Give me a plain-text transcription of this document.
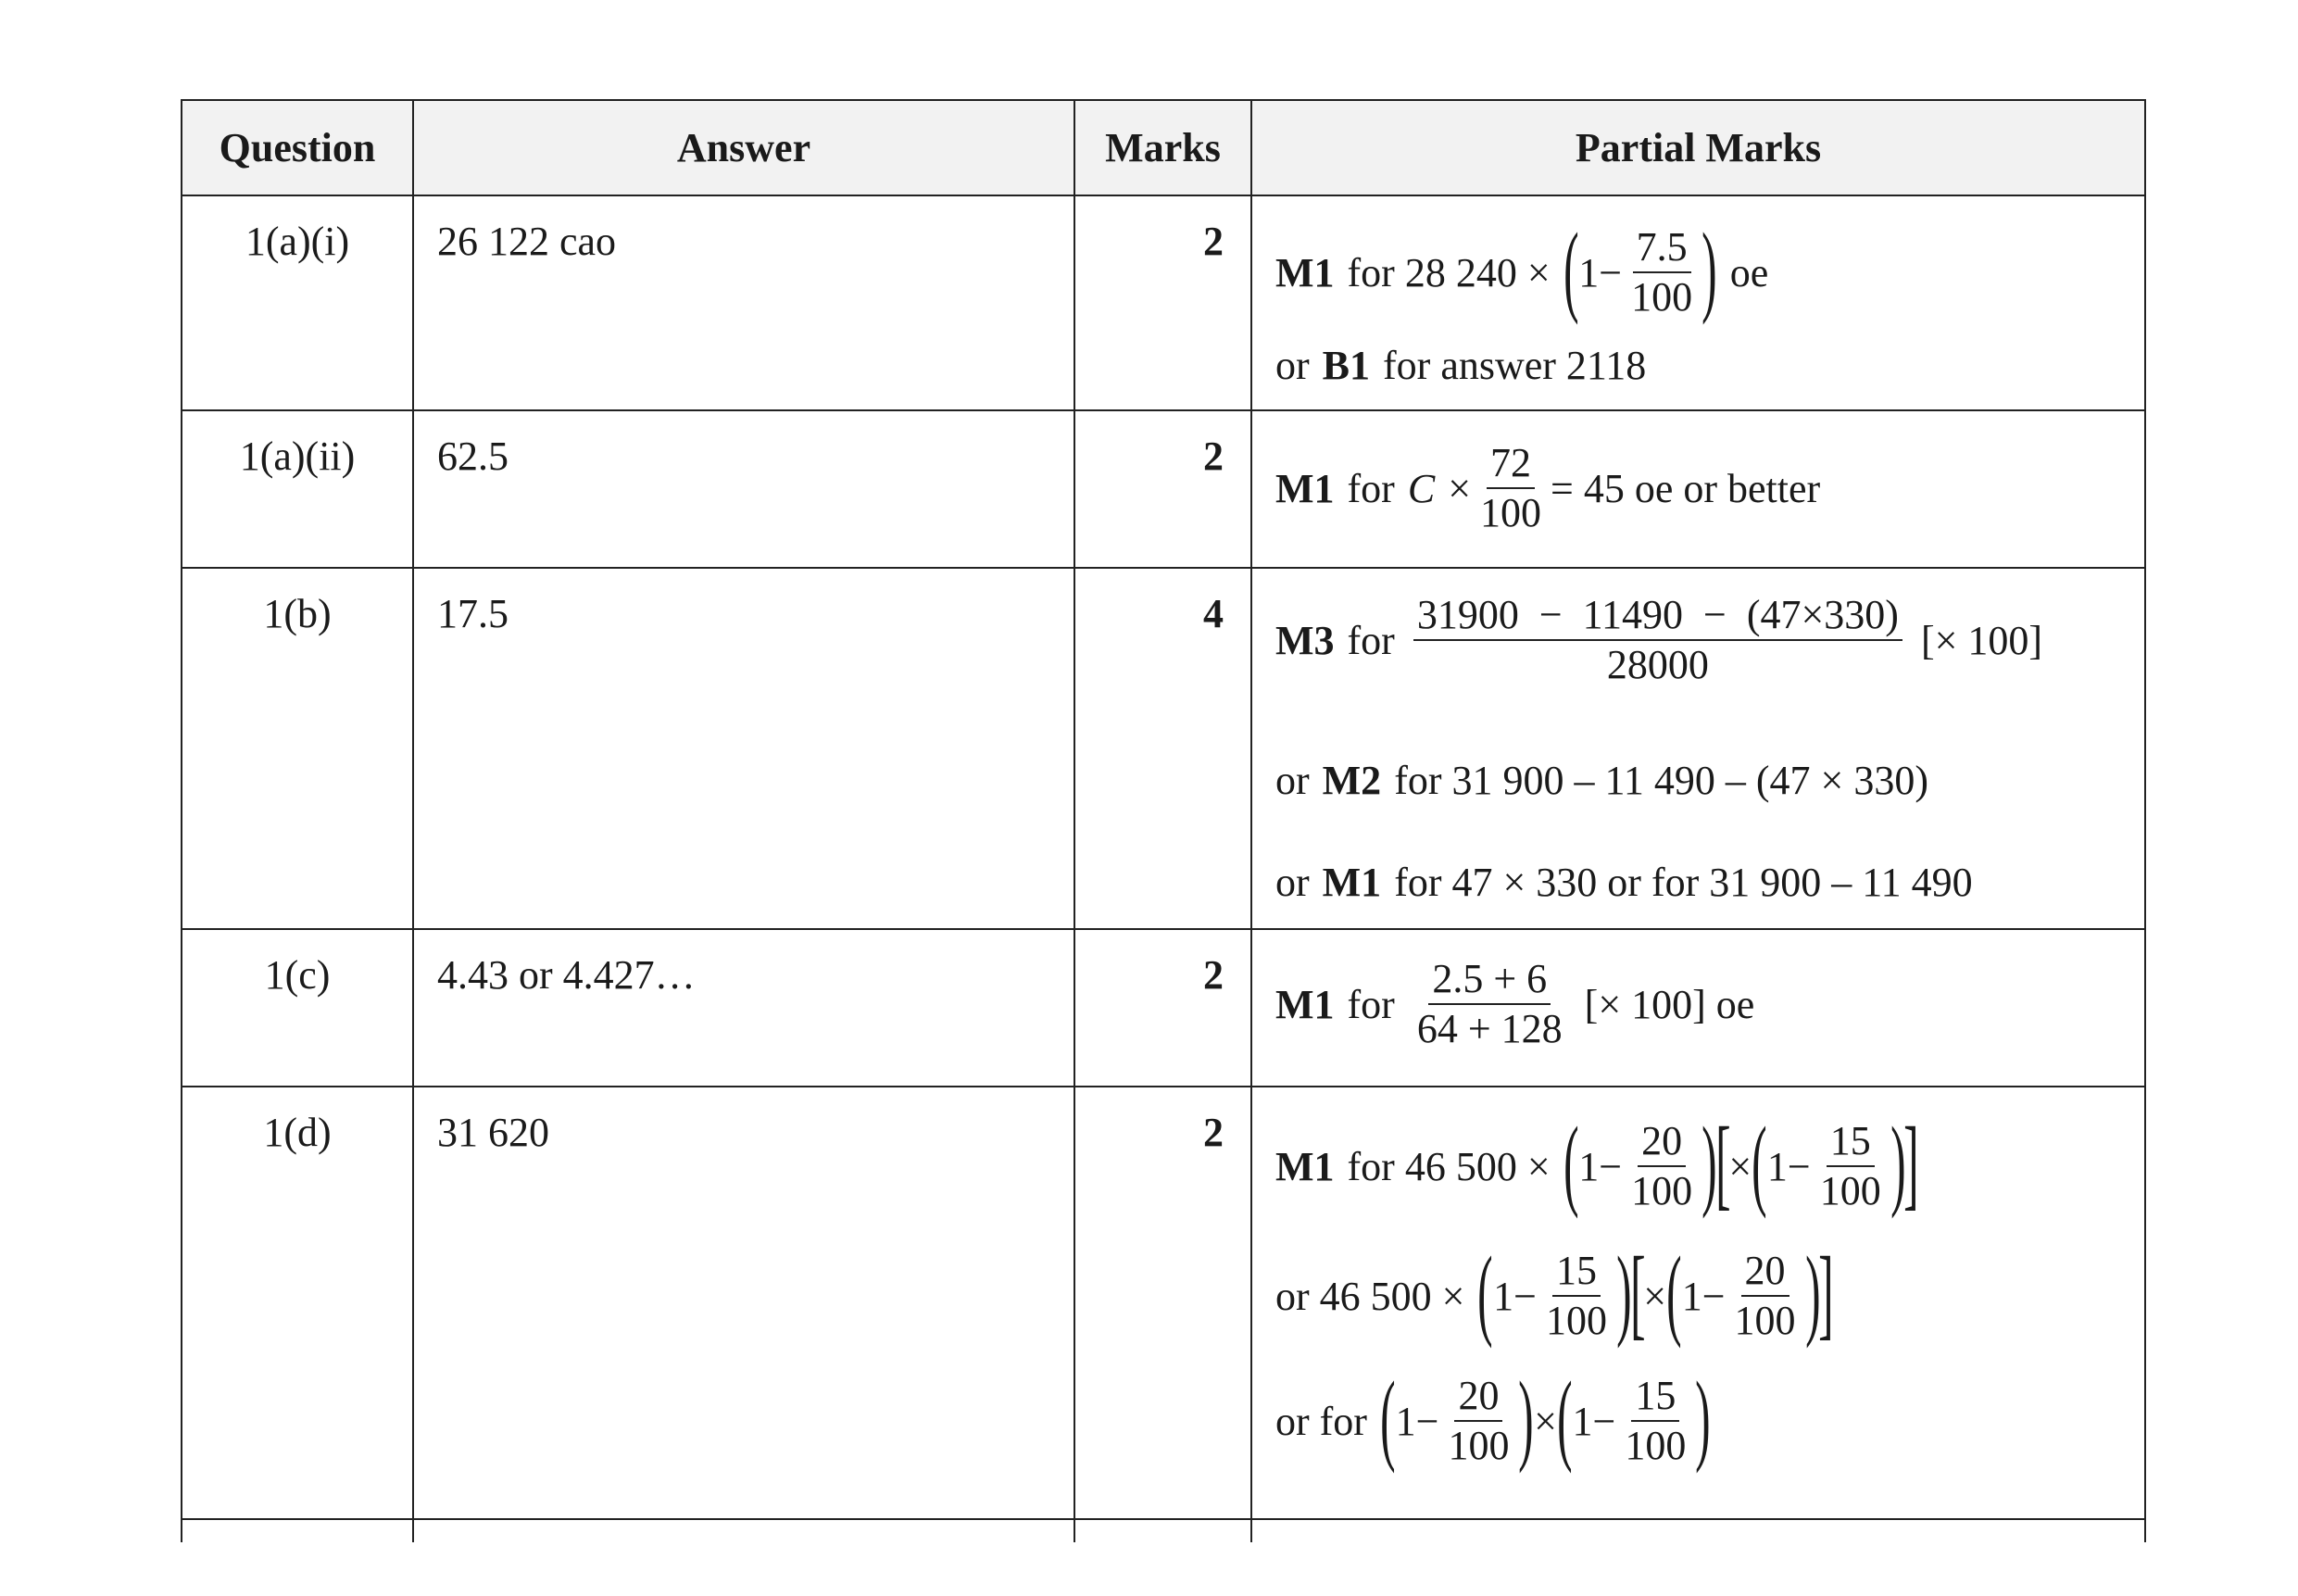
Question	Answer	Marks	Partial Marks
1(a)(i)	26 122 cao	2
M1 for 28 240 × ( $1- \frac{7.5}{100}$ ) oe
or B1 for answer 2118
1(a)(ii)	62.5	2
M1 for $C \times \frac{72}{100} = 45$ oe or better
1(b)	17.5	4
M3 for $\frac{31900 - 11490 - (47\times 330)}{28000}$ [× 100]
or M2 for 31 900 – 11 490 – (47 × 330)
or M1 for 47 × 330 or for 31 900 – 11 490
1(c)	4.43 or 4.427…	2
M1 for $\frac{2.5 + 6}{64 + 128}$ [× 100] oe
1(d)	31 620	2
M1 for 46 500 × ( $1- \frac{20}{100}$ )
[
× ( $1- \frac{15}{100}$ )
]
or 46 500 × ( $1- \frac{15}{100}$ )
[
× ( $1- \frac{20}{100}$ )
]
or for ( $1- \frac{20}{100}$ ) × ( $1- \frac{15}{100}$ )
